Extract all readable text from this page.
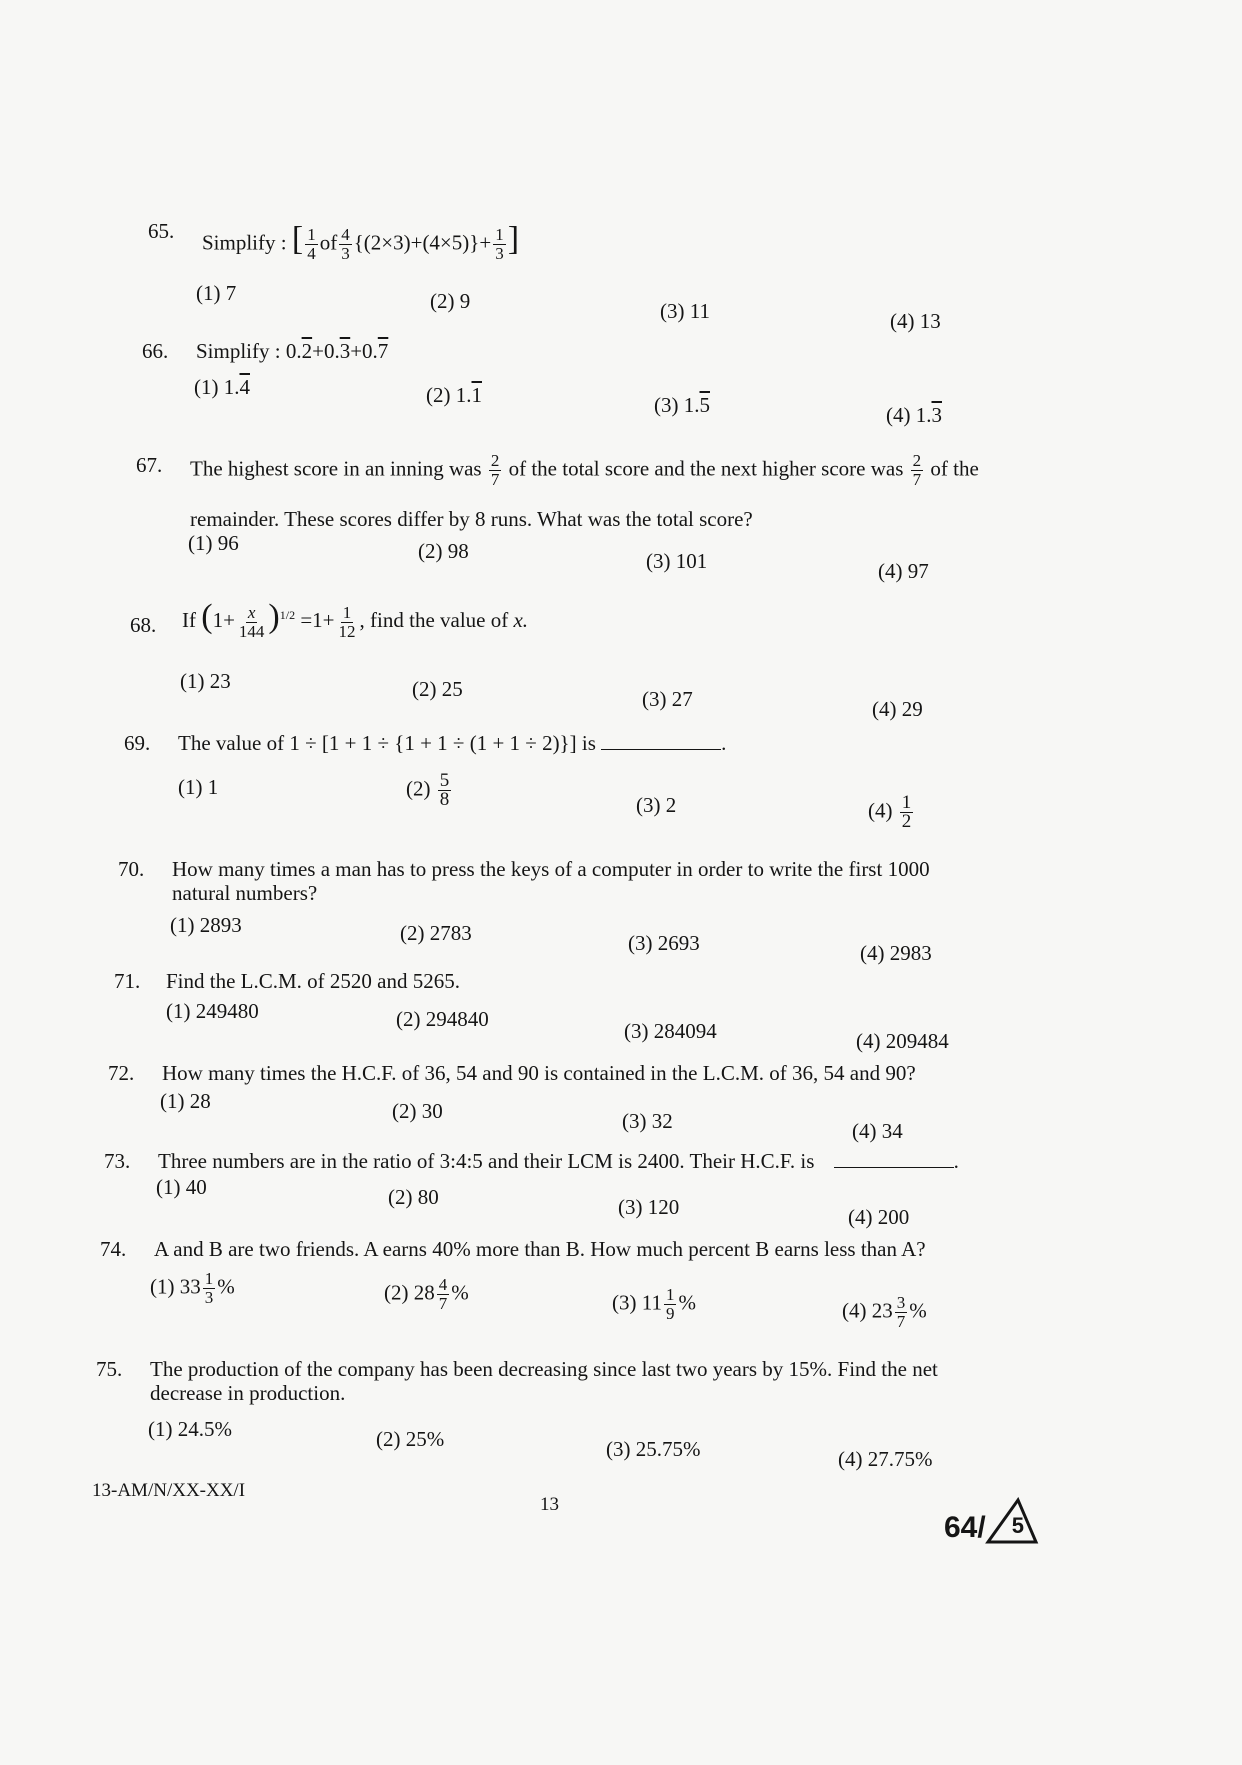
65. Simplify : [ $\frac{1}{4}$ of $\frac{4}{3} \{(2\times 3)+(4\times 5)\}+ \frac{1}{3}$ ]
(1) 7	(2) 9	(3) 11	(4) 13
66. Simplify : 0.2+0.3+0.7
(1) 1.4	(2) 1.1	(3) 1.5	(4) 1.3
67. The highest score in an inning was $\frac{2}{7}$ of the total score and the next higher score was $\frac{2}{7}$ of the
remainder. These scores differ by 8 runs. What was the total score?
(1) 96	(2) 98	(3) 101	(4) 97
68. If $(1+ \frac{x}{144} )^{1/2} =1+ \frac{1}{12}$ , find the value of x.
(1) 23	(2) 25	(3) 27	(4) 29
69. The value of 1 ÷ [1 + 1 ÷ {1 + 1 ÷ (1 + 1 ÷ 2)}] is	.
(1) 1	$(2) \frac{5}{8}$	(3) 2	$(4) \frac{1}{2}$
70. How many times a man has to press the keys of a computer in order to write the first 1000
natural numbers?
(1) 2893	(2) 2783	(3) 2693	(4) 2983
71. Find the L.C.M. of 2520 and 5265.
(1) 249480	(2) 294840	(3) 284094	(4) 209484
72. How many times the H.C.F. of 36, 54 and 90 is contained in the L.C.M. of 36, 54 and 90?
(1) 28	(2) 30	(3) 32	(4) 34
73. Three numbers are in the ratio of 3:4:5 and their LCM is 2400. Their H.C.F. is	.
(1) 40	(2) 80	(3) 120	(4) 200
74. A and B are two friends. A earns 40% more than B. How much percent B earns less than A?
(1) $33 \frac{1}{3}$ %	(2) $28 \frac{4}{7}$ %	(3) $11 \frac{1}{9}$ %	(4) $23 \frac{3}{7}$ %
75. The production of the company has been decreasing since last two years by 15%. Find the net
decrease in production.
(1) 24.5%	(2) 25%	(3) 25.75%	(4) 27.75%
13-AM/N/XX-XX/I
13
64/ 5
